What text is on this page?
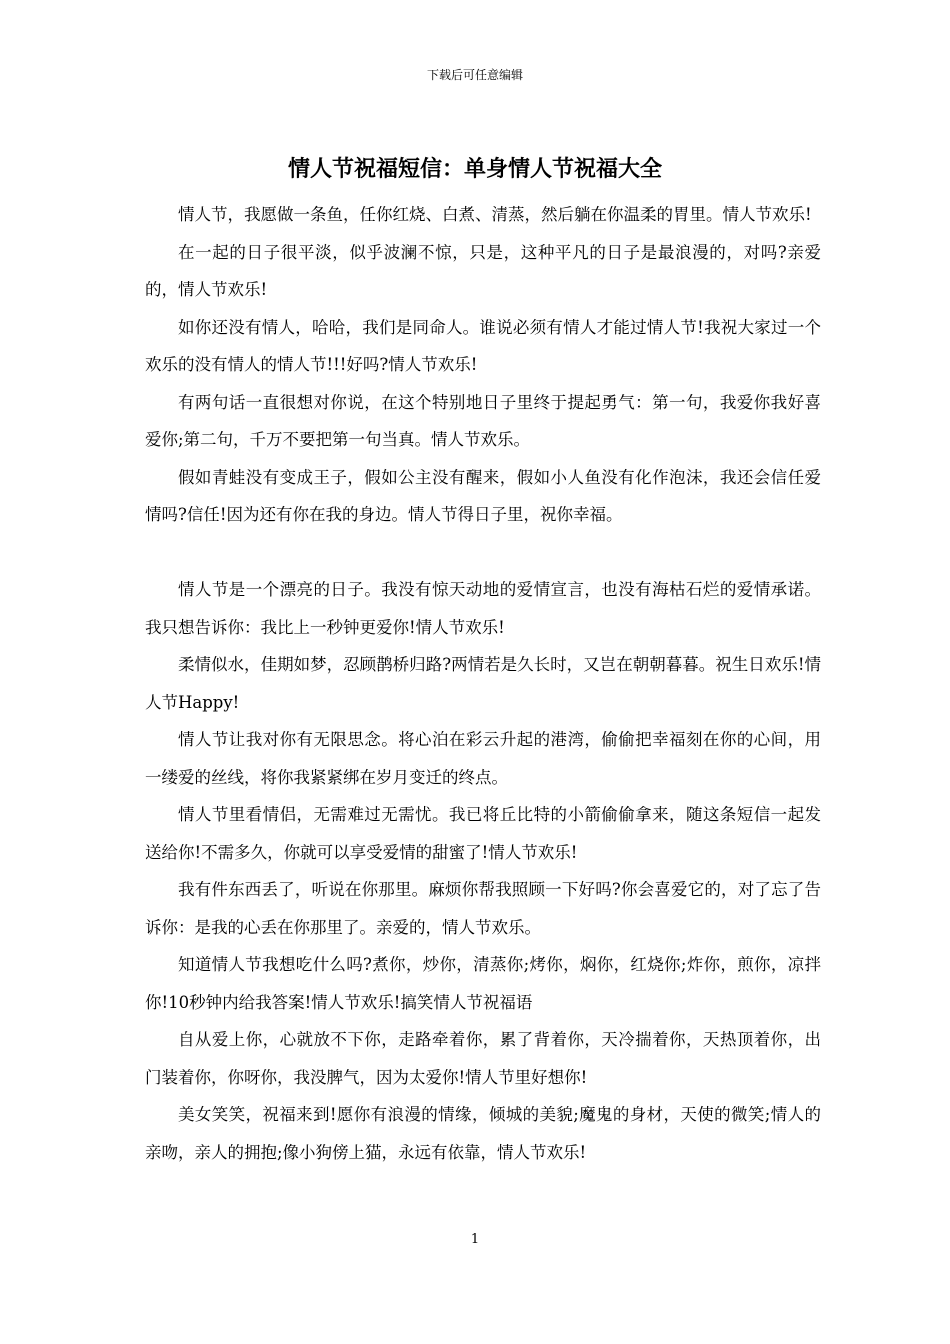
下载后可任意编辑
情人节祝福短信：单身情人节祝福大全

情人节，我愿做一条鱼，任你红烧、白煮、清蒸，然后躺在你温柔的胃里。情人节欢乐!

在一起的日子很平淡，似乎波澜不惊，只是，这种平凡的日子是最浪漫的，对吗?亲爱的，情人节欢乐!

如你还没有情人，哈哈，我们是同命人。谁说必须有情人才能过情人节!我祝大家过一个欢乐的没有情人的情人节!!!好吗?情人节欢乐!

有两句话一直很想对你说，在这个特别地日子里终于提起勇气：第一句，我爱你我好喜爱你;第二句，千万不要把第一句当真。情人节欢乐。

假如青蛙没有变成王子，假如公主没有醒来，假如小人鱼没有化作泡沫，我还会信任爱情吗?信任!因为还有你在我的身边。情人节得日子里，祝你幸福。

情人节是一个漂亮的日子。我没有惊天动地的爱情宣言，也没有海枯石烂的爱情承诺。我只想告诉你：我比上一秒钟更爱你!情人节欢乐!

柔情似水，佳期如梦，忍顾鹊桥归路?两情若是久长时，又岂在朝朝暮暮。祝生日欢乐!情人节Happy!

情人节让我对你有无限思念。将心泊在彩云升起的港湾，偷偷把幸福刻在你的心间，用一缕爱的丝线，将你我紧紧绑在岁月变迁的终点。

情人节里看情侣，无需难过无需忧。我已将丘比特的小箭偷偷拿来，随这条短信一起发送给你!不需多久，你就可以享受爱情的甜蜜了!情人节欢乐!

我有件东西丢了，听说在你那里。麻烦你帮我照顾一下好吗?你会喜爱它的，对了忘了告诉你：是我的心丢在你那里了。亲爱的，情人节欢乐。

知道情人节我想吃什么吗?煮你，炒你，清蒸你;烤你，焖你，红烧你;炸你，煎你，凉拌你!10秒钟内给我答案!情人节欢乐!搞笑情人节祝福语

自从爱上你，心就放不下你，走路牵着你，累了背着你，天冷揣着你，天热顶着你，出门装着你，你呀你，我没脾气，因为太爱你!情人节里好想你!

美女笑笑，祝福来到!愿你有浪漫的情缘，倾城的美貌;魔鬼的身材，天使的微笑;情人的亲吻，亲人的拥抱;像小狗傍上猫，永远有依靠，情人节欢乐!

1
